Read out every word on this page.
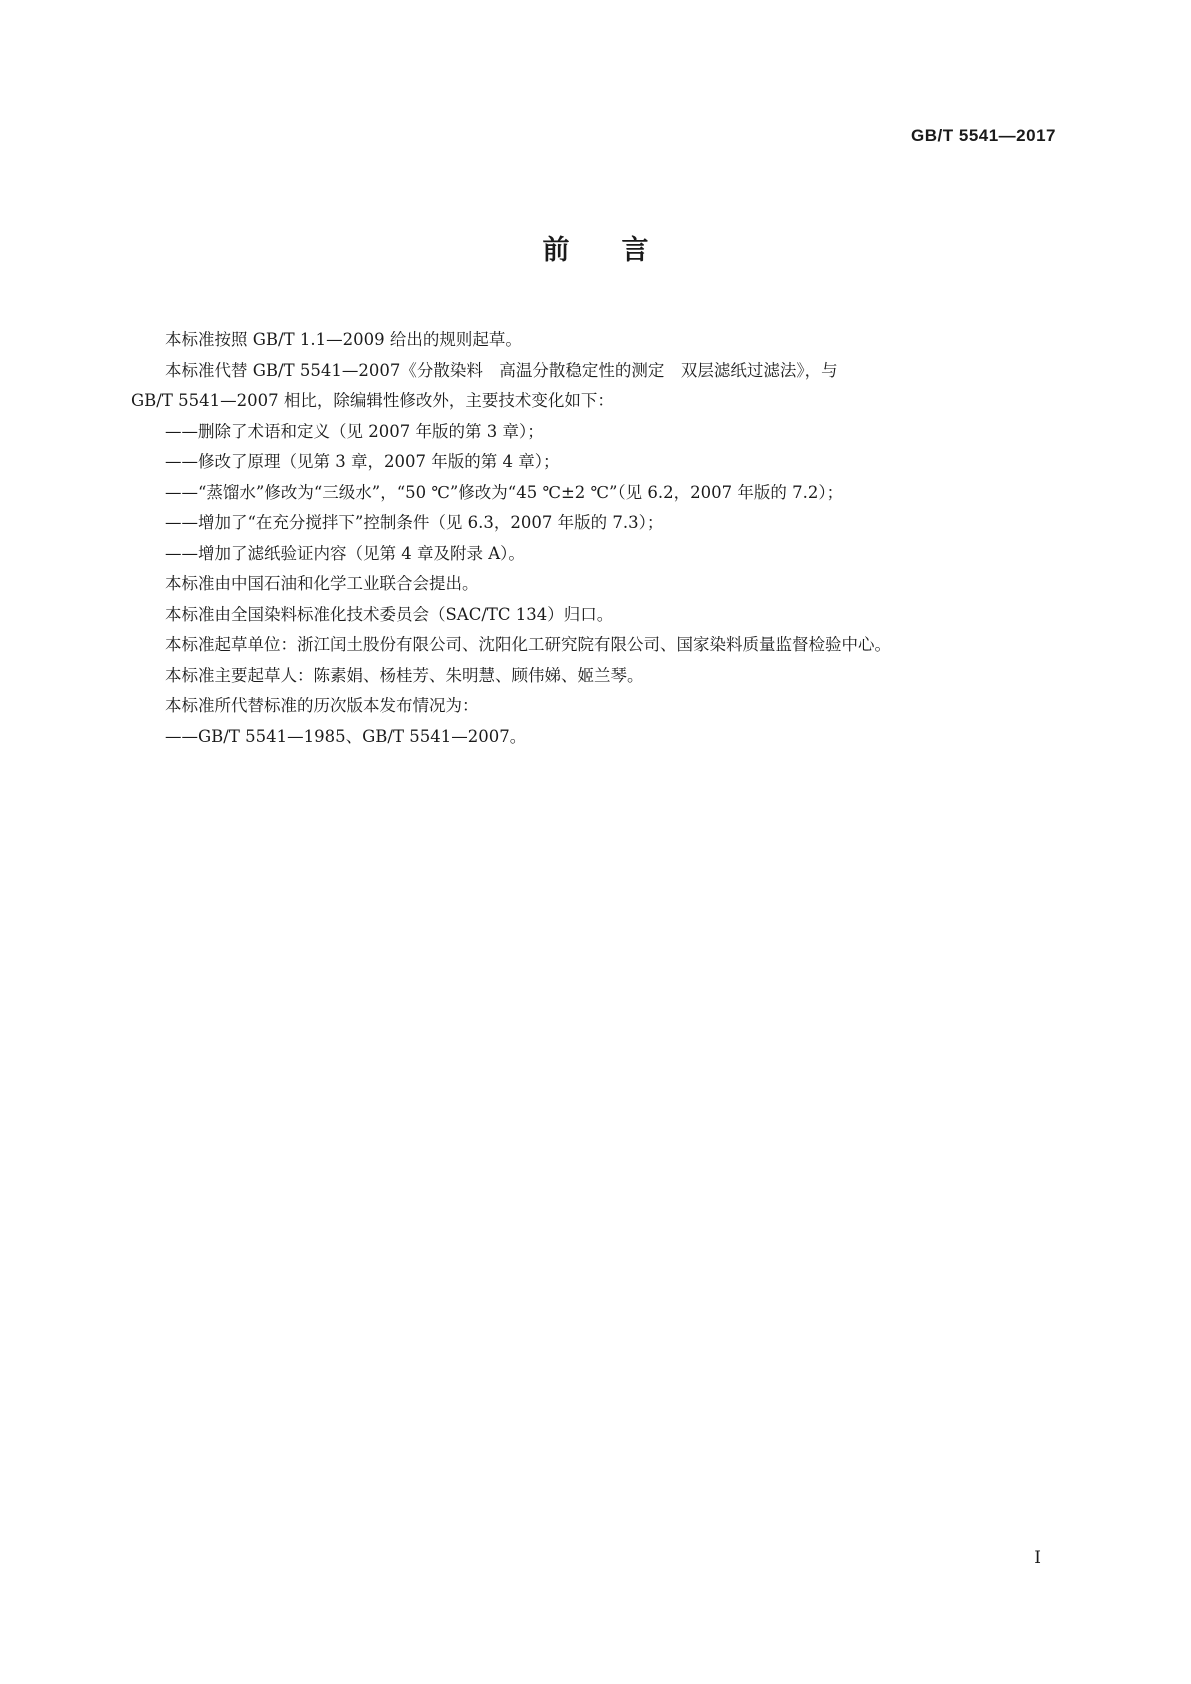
GB/T 5541—2017
前言

本标准按照 GB/T 1.1—2009 给出的规则起草。

本标准代替 GB/T 5541—2007《分散染料　高温分散稳定性的测定　双层滤纸过滤法》，与

GB/T 5541—2007 相比，除编辑性修改外，主要技术变化如下：

——删除了术语和定义（见 2007 年版的第 3 章）；

——修改了原理（见第 3 章，2007 年版的第 4 章）；

——“蒸馏水”修改为“三级水”，“50 ℃”修改为“45 ℃±2 ℃”（见 6.2，2007 年版的 7.2）；

——增加了“在充分搅拌下”控制条件（见 6.3，2007 年版的 7.3）；

——增加了滤纸验证内容（见第 4 章及附录 A）。

本标准由中国石油和化学工业联合会提出。

本标准由全国染料标准化技术委员会（SAC/TC 134）归口。

本标准起草单位：浙江闰土股份有限公司、沈阳化工研究院有限公司、国家染料质量监督检验中心。

本标准主要起草人：陈素娟、杨桂芳、朱明慧、顾伟娣、姬兰琴。

本标准所代替标准的历次版本发布情况为：

——GB/T 5541—1985、GB/T 5541—2007。

I
